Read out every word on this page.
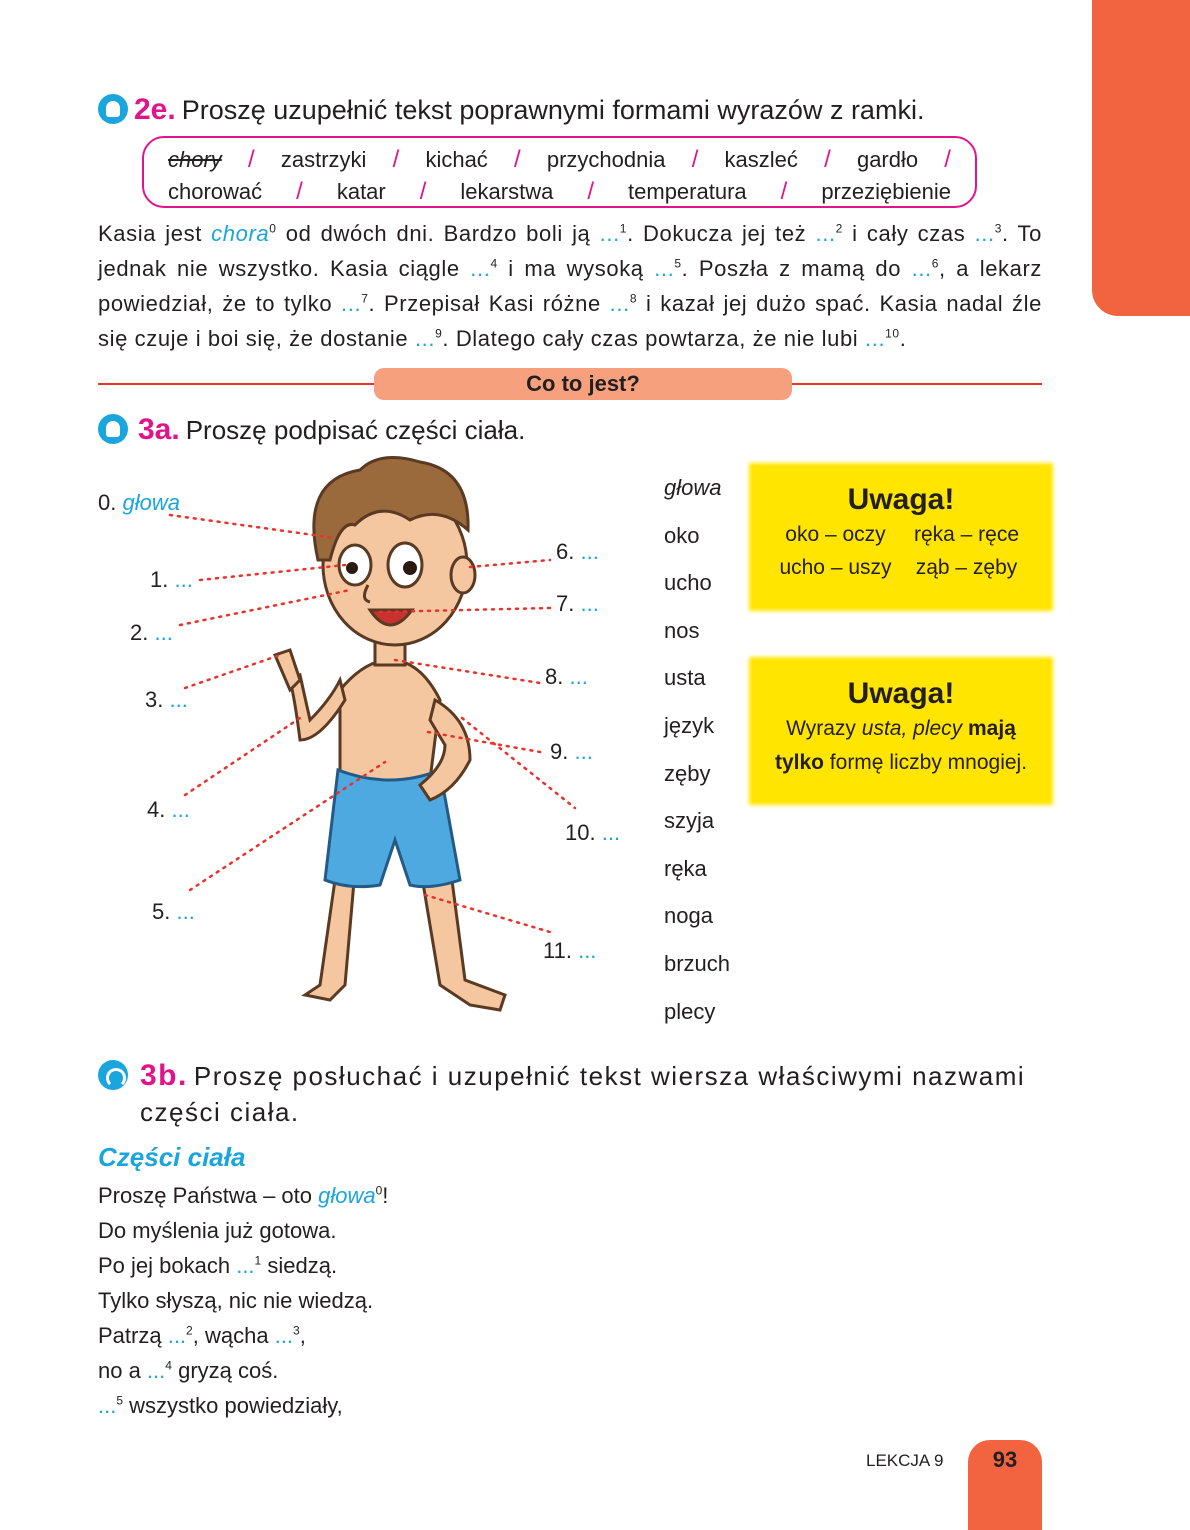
2e. Proszę uzupełnić tekst poprawnymi formami wyrazów z ramki.
chory / zastrzyki / kichać / przychodnia / kaszleć / gardło /
chorować / katar / lekarstwa / temperatura / przeziębienie
Kasia jest chora$^0$ od dwóch dni. Bardzo boli ją ...$^1$. Dokucza jej też ...$^2$ i cały czas ...$^3$. To jednak nie wszystko. Kasia ciągle ...$^4$ i ma wysoką ...$^5$. Poszła z mamą do ...$^6$, a lekarz powiedział, że to tylko ...$^7$. Przepisał Kasi różne ...$^8$ i kazał jej dużo spać. Kasia nadal źle się czuje i boi się, że dostanie ...$^9$. Dlatego cały czas powtarza, że nie lubi ...$^{10}$.
Co to jest?
3a. Proszę podpisać części ciała.
0. głowa
1. ...
2. ...
3. ...
4. ...
5. ...
6. ...
7. ...
8. ...
9. ...
10. ...
11. ...
głowa
oko
ucho
nos
usta
język
zęby
szyja
ręka
noga
brzuch
plecy
Uwaga!
oko – oczy	ręka – ręce
ucho – uszy	ząb – zęby
Uwaga!
Wyrazy usta, plecy mają
tylko formę liczby mnogiej.
3b. Proszę posłuchać i uzupełnić tekst wiersza właściwymi nazwami
części ciała.
Części ciała
Proszę Państwa – oto głowa$^0$!
Do myślenia już gotowa.
Po jej bokach ...$^1$ siedzą.
Tylko słyszą, nic nie wiedzą.
Patrzą ...$^2$, wącha ...$^3$,
no a ...$^4$ gryzą coś.
...$^5$ wszystko powiedziały,
LEKCJA 9	93
